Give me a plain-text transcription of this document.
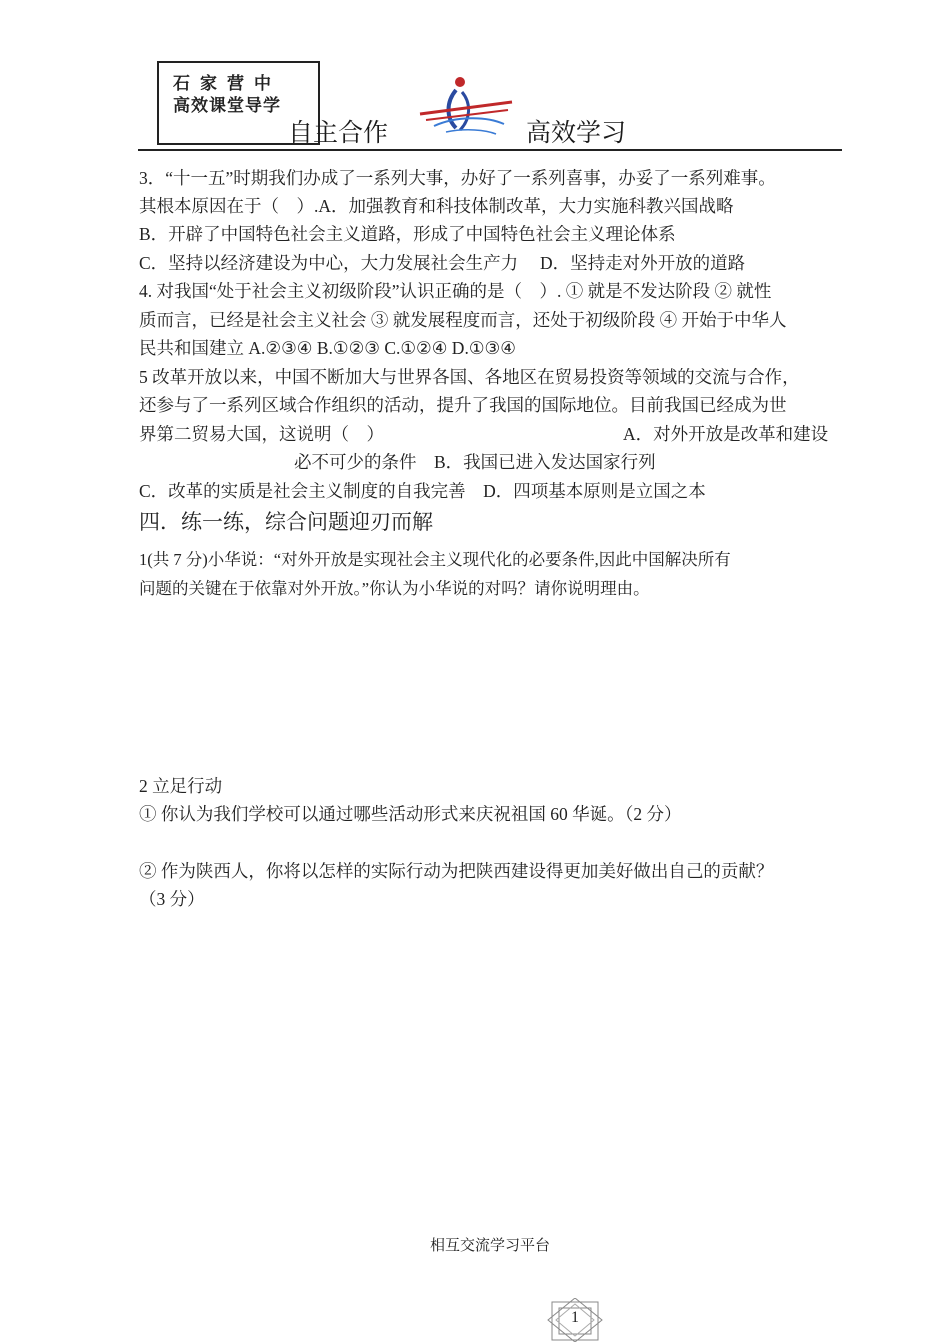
石家营中
高效课堂导学
自主合作	高效学习
3．“十一五”时期我们办成了一系列大事，办好了一系列喜事，办妥了一系列难事。
其根本原因在于（　）.A．加强教育和科技体制改革，大力实施科教兴国战略
B．开辟了中国特色社会主义道路，形成了中国特色社会主义理论体系
C．坚持以经济建设为中心，大力发展社会生产力　 D．坚持走对外开放的道路
4. 对我国“处于社会主义初级阶段”认识正确的是（　）. ① 就是不发达阶段 ② 就性
质而言，已经是社会主义社会 ③ 就发展程度而言，还处于初级阶段 ④ 开始于中华人
民共和国建立 A.②③④ B.①②③ C.①②④ D.①③④
5 改革开放以来，中国不断加大与世界各国、各地区在贸易投资等领域的交流与合作，
还参与了一系列区域合作组织的活动，提升了我国的国际地位。目前我国已经成为世
界第二贸易大国，这说明（　）	A．对外开放是改革和建设
必不可少的条件　B．我国已进入发达国家行列
C．改革的实质是社会主义制度的自我完善　D．四项基本原则是立国之本
四．练一练，综合问题迎刃而解
1(共 7 分)小华说：“对外开放是实现社会主义现代化的必要条件,因此中国解决所有
问题的关键在于依靠对外开放。”你认为小华说的对吗？请你说明理由。
2 立足行动
① 你认为我们学校可以通过哪些活动形式来庆祝祖国 60 华诞。（2 分）
② 作为陕西人，你将以怎样的实际行动为把陕西建设得更加美好做出自己的贡献？
（3 分）
相互交流学习平台
1
